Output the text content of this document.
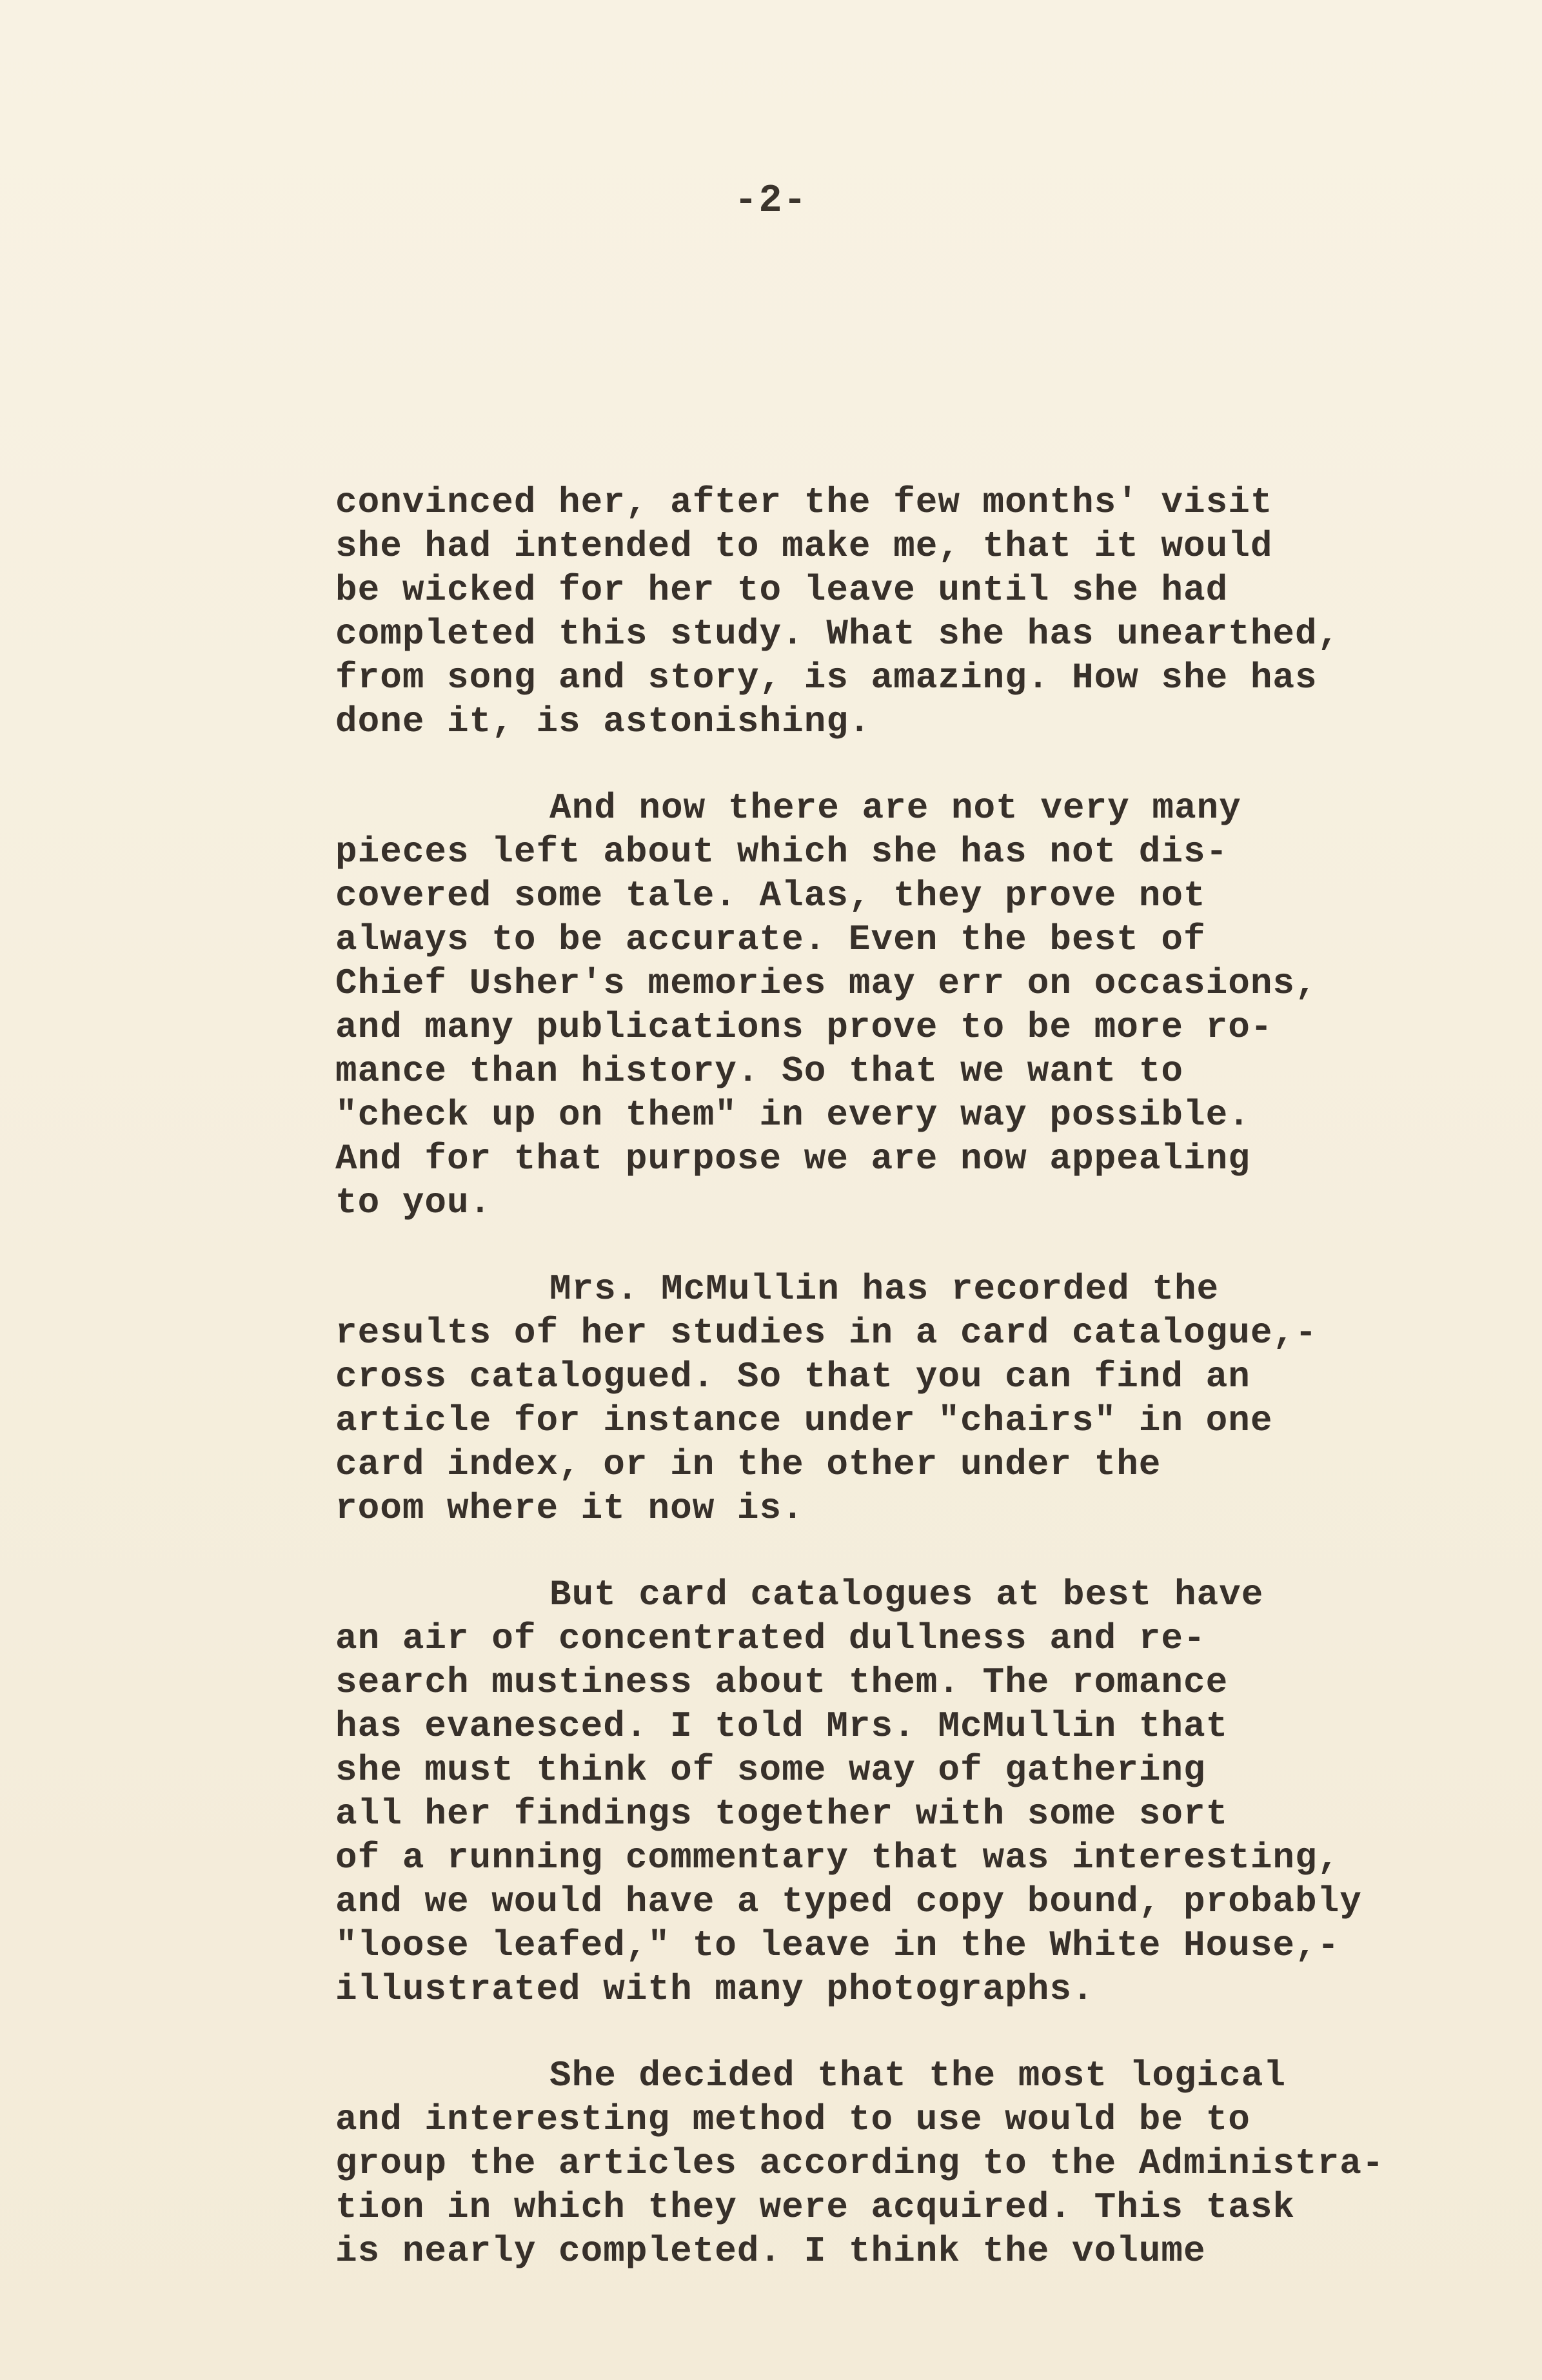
-2-
convinced her, after the few months' visit
she had intended to make me, that it would
be wicked for her to leave until she had
completed this study. What she has unearthed,
from song and story, is amazing. How she has
done it, is astonishing.
And now there are not very many
pieces left about which she has not dis-
covered some tale. Alas, they prove not
always to be accurate. Even the best of
Chief Usher's memories may err on occasions,
and many publications prove to be more ro-
mance than history. So that we want to
"check up on them" in every way possible.
And for that purpose we are now appealing
to you.
Mrs. McMullin has recorded the
results of her studies in a card catalogue,-
cross catalogued. So that you can find an
article for instance under "chairs" in one
card index, or in the other under the
room where it now is.
But card catalogues at best have
an air of concentrated dullness and re-
search mustiness about them. The romance
has evanesced. I told Mrs. McMullin that
she must think of some way of gathering
all her findings together with some sort
of a running commentary that was interesting,
and we would have a typed copy bound, probably
"loose leafed," to leave in the White House,-
illustrated with many photographs.
She decided that the most logical
and interesting method to use would be to
group the articles according to the Administra-
tion in which they were acquired. This task
is nearly completed. I think the volume
